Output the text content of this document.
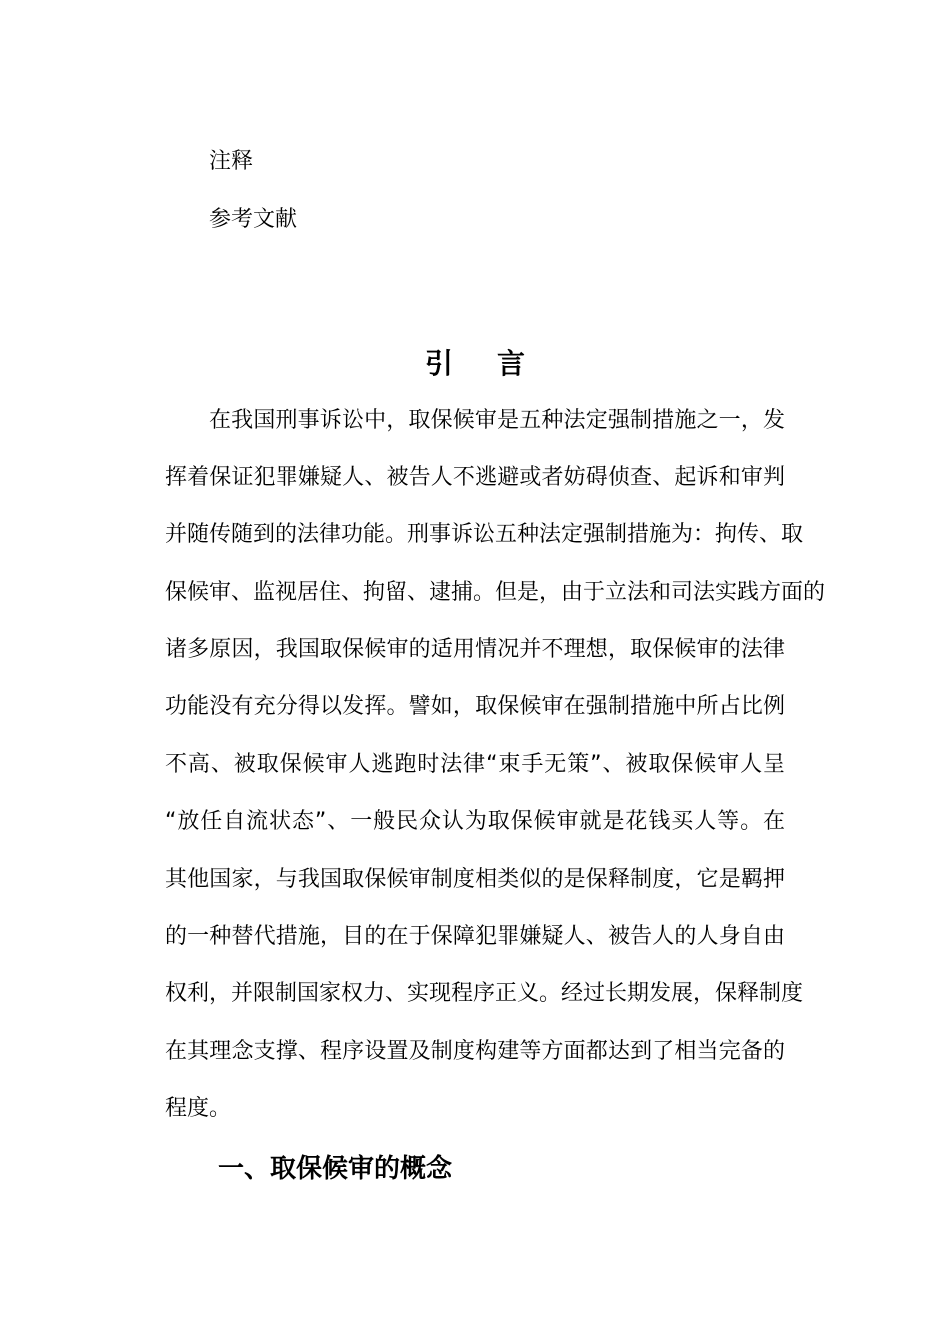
注释
参考文献
引言
在我国刑事诉讼中，取保候审是五种法定强制措施之一，发
挥着保证犯罪嫌疑人、被告人不逃避或者妨碍侦查、起诉和审判
并随传随到的法律功能。刑事诉讼五种法定强制措施为：拘传、取
保候审、监视居住、拘留、逮捕。但是，由于立法和司法实践方面的
诸多原因，我国取保候审的适用情况并不理想，取保候审的法律
功能没有充分得以发挥。譬如，取保候审在强制措施中所占比例
不高、被取保候审人逃跑时法律“束手无策”、被取保候审人呈
“放任自流状态”、一般民众认为取保候审就是花钱买人等。在
其他国家，与我国取保候审制度相类似的是保释制度，它是羁押
的一种替代措施，目的在于保障犯罪嫌疑人、被告人的人身自由
权利，并限制国家权力、实现程序正义。经过长期发展，保释制度
在其理念支撑、程序设置及制度构建等方面都达到了相当完备的
程度。
一、取保候审的概念
